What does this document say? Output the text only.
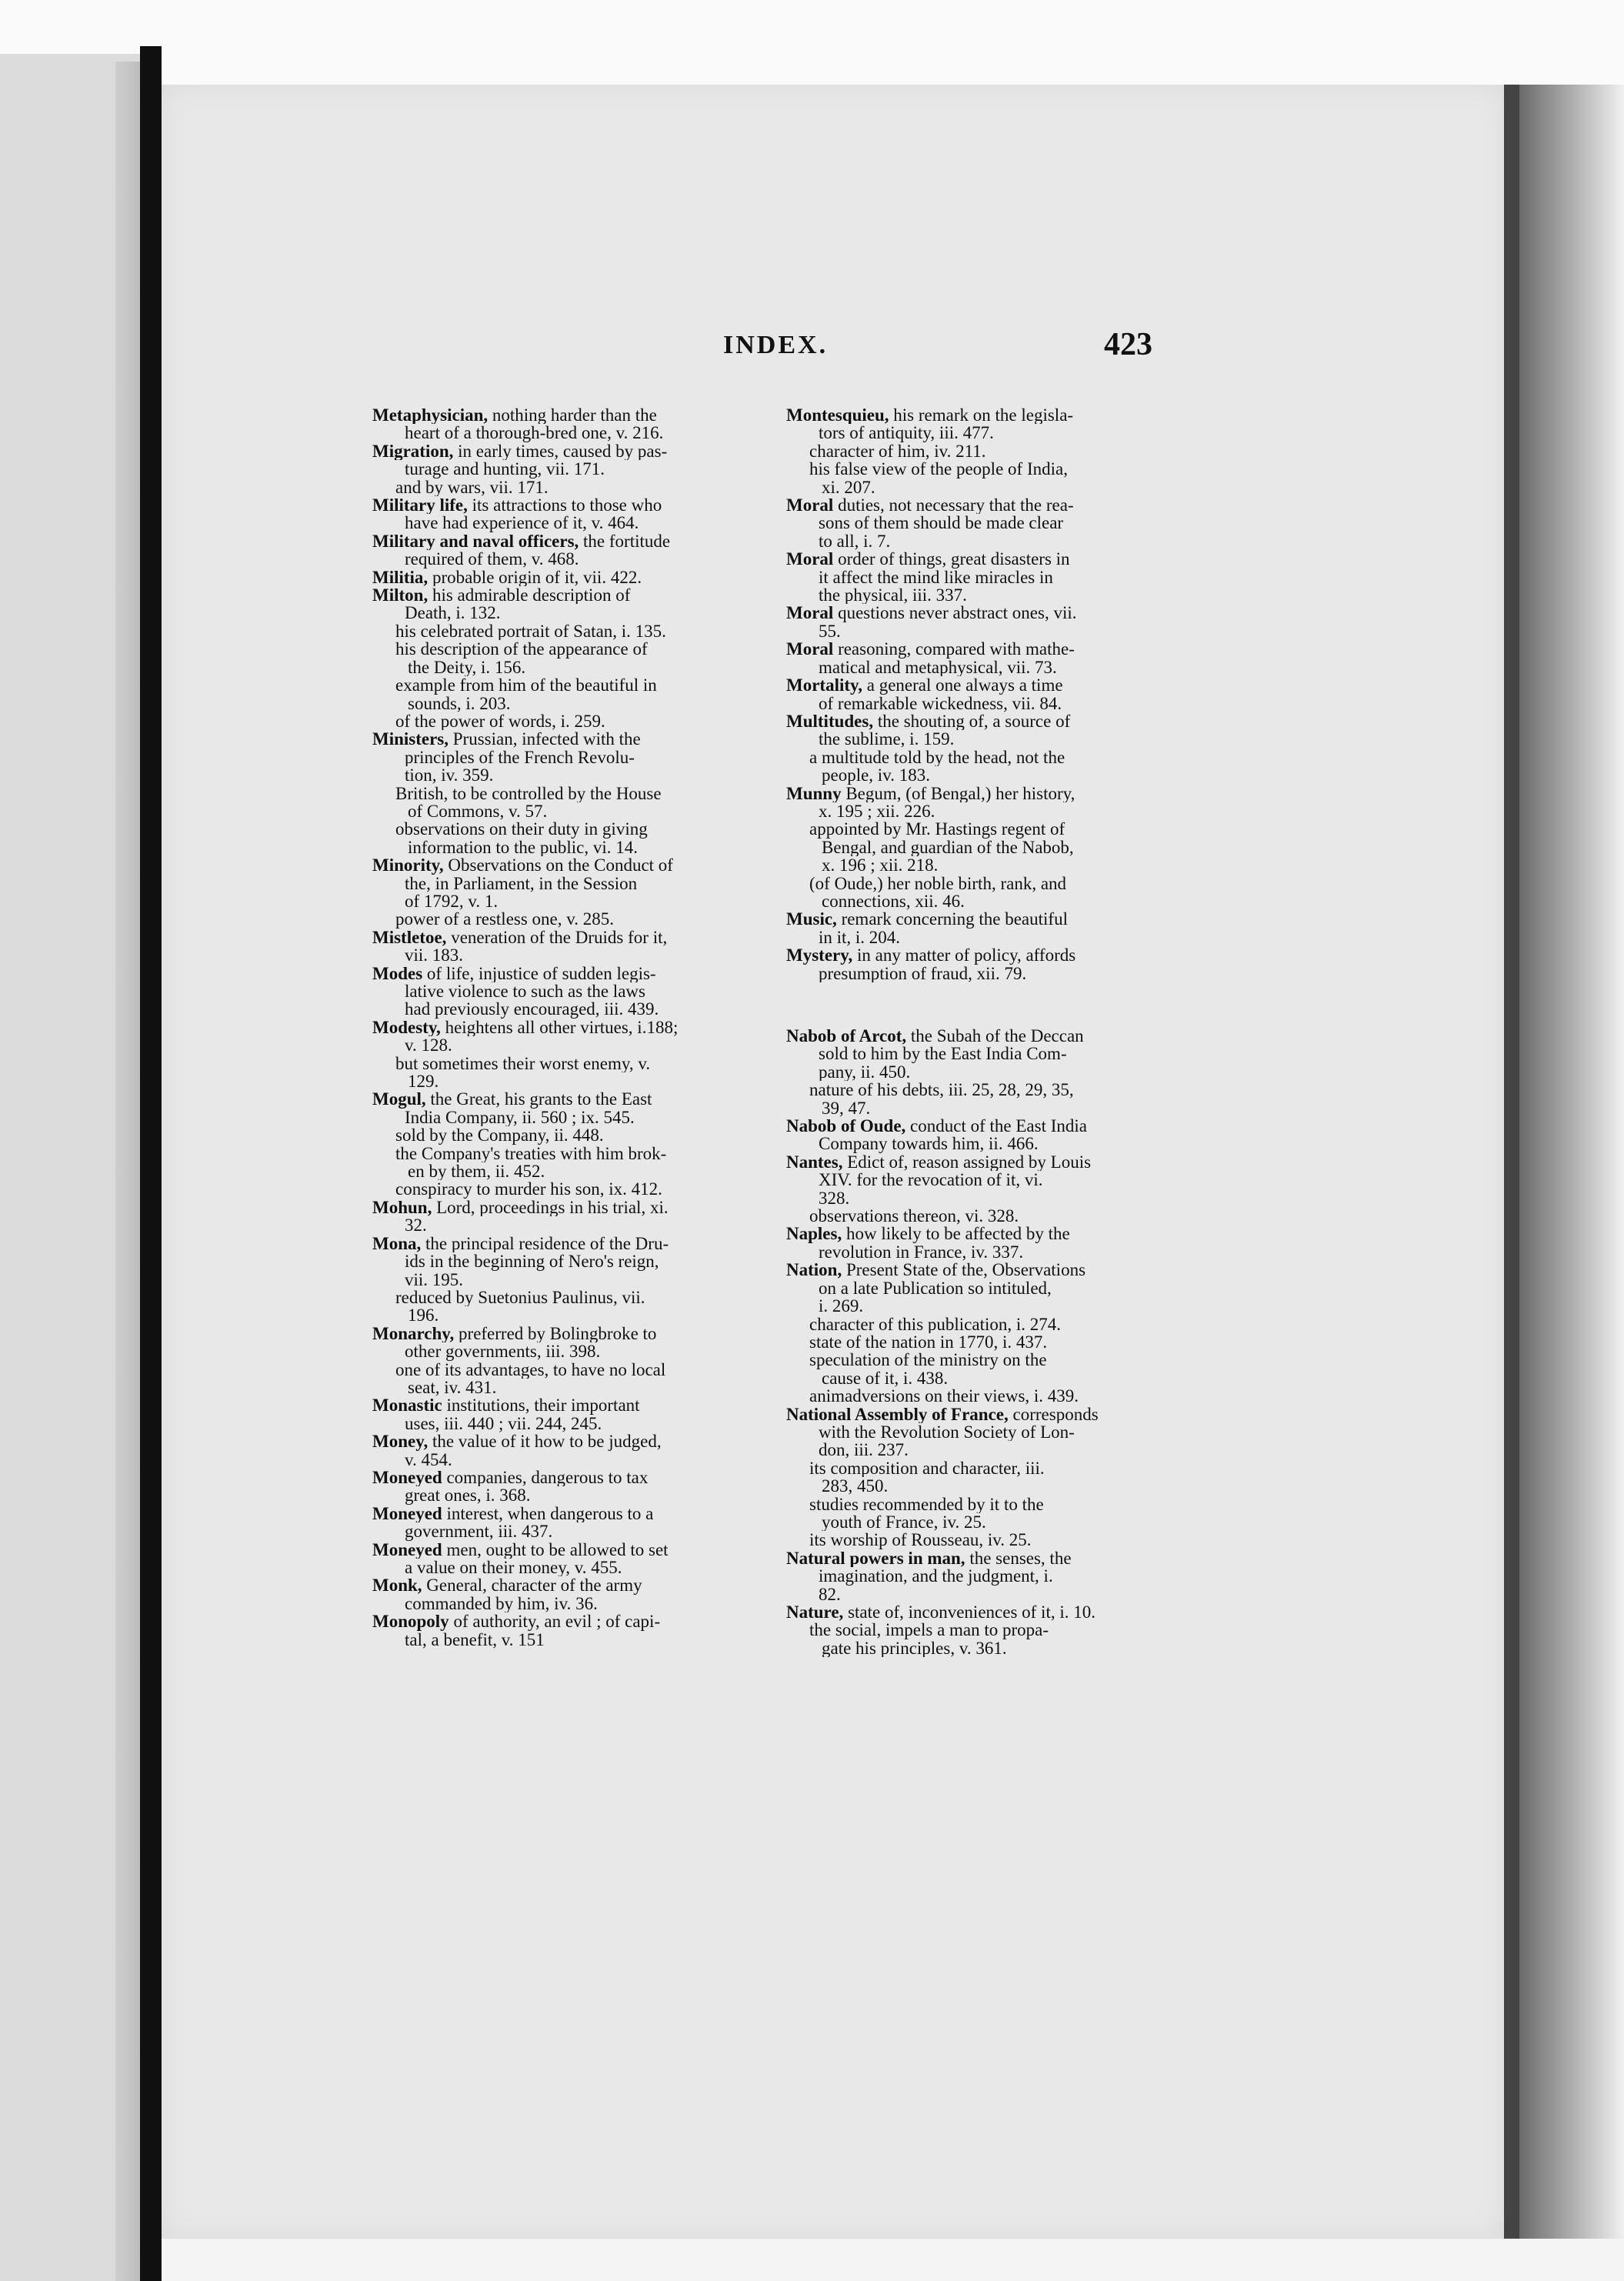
INDEX.	423
Metaphysician, nothing harder than the
heart of a thorough-bred one, v. 216.
Migration, in early times, caused by pas-
turage and hunting, vii. 171.
and by wars, vii. 171.
Military life, its attractions to those who
have had experience of it, v. 464.
Military and naval officers, the fortitude
required of them, v. 468.
Militia, probable origin of it, vii. 422.
Milton, his admirable description of
Death, i. 132.
his celebrated portrait of Satan, i. 135.
his description of the appearance of
the Deity, i. 156.
example from him of the beautiful in
sounds, i. 203.
of the power of words, i. 259.
Ministers, Prussian, infected with the
principles of the French Revolu-
tion, iv. 359.
British, to be controlled by the House
of Commons, v. 57.
observations on their duty in giving
information to the public, vi. 14.
Minority, Observations on the Conduct of
the, in Parliament, in the Session
of 1792, v. 1.
power of a restless one, v. 285.
Mistletoe, veneration of the Druids for it,
vii. 183.
Modes of life, injustice of sudden legis-
lative violence to such as the laws
had previously encouraged, iii. 439.
Modesty, heightens all other virtues, i.188;
v. 128.
but sometimes their worst enemy, v.
129.
Mogul, the Great, his grants to the East
India Company, ii. 560 ; ix. 545.
sold by the Company, ii. 448.
the Company's treaties with him brok-
en by them, ii. 452.
conspiracy to murder his son, ix. 412.
Mohun, Lord, proceedings in his trial, xi.
32.
Mona, the principal residence of the Dru-
ids in the beginning of Nero's reign,
vii. 195.
reduced by Suetonius Paulinus, vii.
196.
Monarchy, preferred by Bolingbroke to
other governments, iii. 398.
one of its advantages, to have no local
seat, iv. 431.
Monastic institutions, their important
uses, iii. 440 ; vii. 244, 245.
Money, the value of it how to be judged,
v. 454.
Moneyed companies, dangerous to tax
great ones, i. 368.
Moneyed interest, when dangerous to a
government, iii. 437.
Moneyed men, ought to be allowed to set
a value on their money, v. 455.
Monk, General, character of the army
commanded by him, iv. 36.
Monopoly of authority, an evil ; of capi-
tal, a benefit, v. 151
Montesquieu, his remark on the legisla-
tors of antiquity, iii. 477.
character of him, iv. 211.
his false view of the people of India,
xi. 207.
Moral duties, not necessary that the rea-
sons of them should be made clear
to all, i. 7.
Moral order of things, great disasters in
it affect the mind like miracles in
the physical, iii. 337.
Moral questions never abstract ones, vii.
55.
Moral reasoning, compared with mathe-
matical and metaphysical, vii. 73.
Mortality, a general one always a time
of remarkable wickedness, vii. 84.
Multitudes, the shouting of, a source of
the sublime, i. 159.
a multitude told by the head, not the
people, iv. 183.
Munny Begum, (of Bengal,) her history,
x. 195 ; xii. 226.
appointed by Mr. Hastings regent of
Bengal, and guardian of the Nabob,
x. 196 ; xii. 218.
(of Oude,) her noble birth, rank, and
connections, xii. 46.
Music, remark concerning the beautiful
in it, i. 204.
Mystery, in any matter of policy, affords
presumption of fraud, xii. 79.
Nabob of Arcot, the Subah of the Deccan
sold to him by the East India Com-
pany, ii. 450.
nature of his debts, iii. 25, 28, 29, 35,
39, 47.
Nabob of Oude, conduct of the East India
Company towards him, ii. 466.
Nantes, Edict of, reason assigned by Louis
XIV. for the revocation of it, vi.
328.
observations thereon, vi. 328.
Naples, how likely to be affected by the
revolution in France, iv. 337.
Nation, Present State of the, Observations
on a late Publication so intituled,
i. 269.
character of this publication, i. 274.
state of the nation in 1770, i. 437.
speculation of the ministry on the
cause of it, i. 438.
animadversions on their views, i. 439.
National Assembly of France, corresponds
with the Revolution Society of Lon-
don, iii. 237.
its composition and character, iii.
283, 450.
studies recommended by it to the
youth of France, iv. 25.
its worship of Rousseau, iv. 25.
Natural powers in man, the senses, the
imagination, and the judgment, i.
82.
Nature, state of, inconveniences of it, i. 10.
the social, impels a man to propa-
gate his principles, v. 361.
